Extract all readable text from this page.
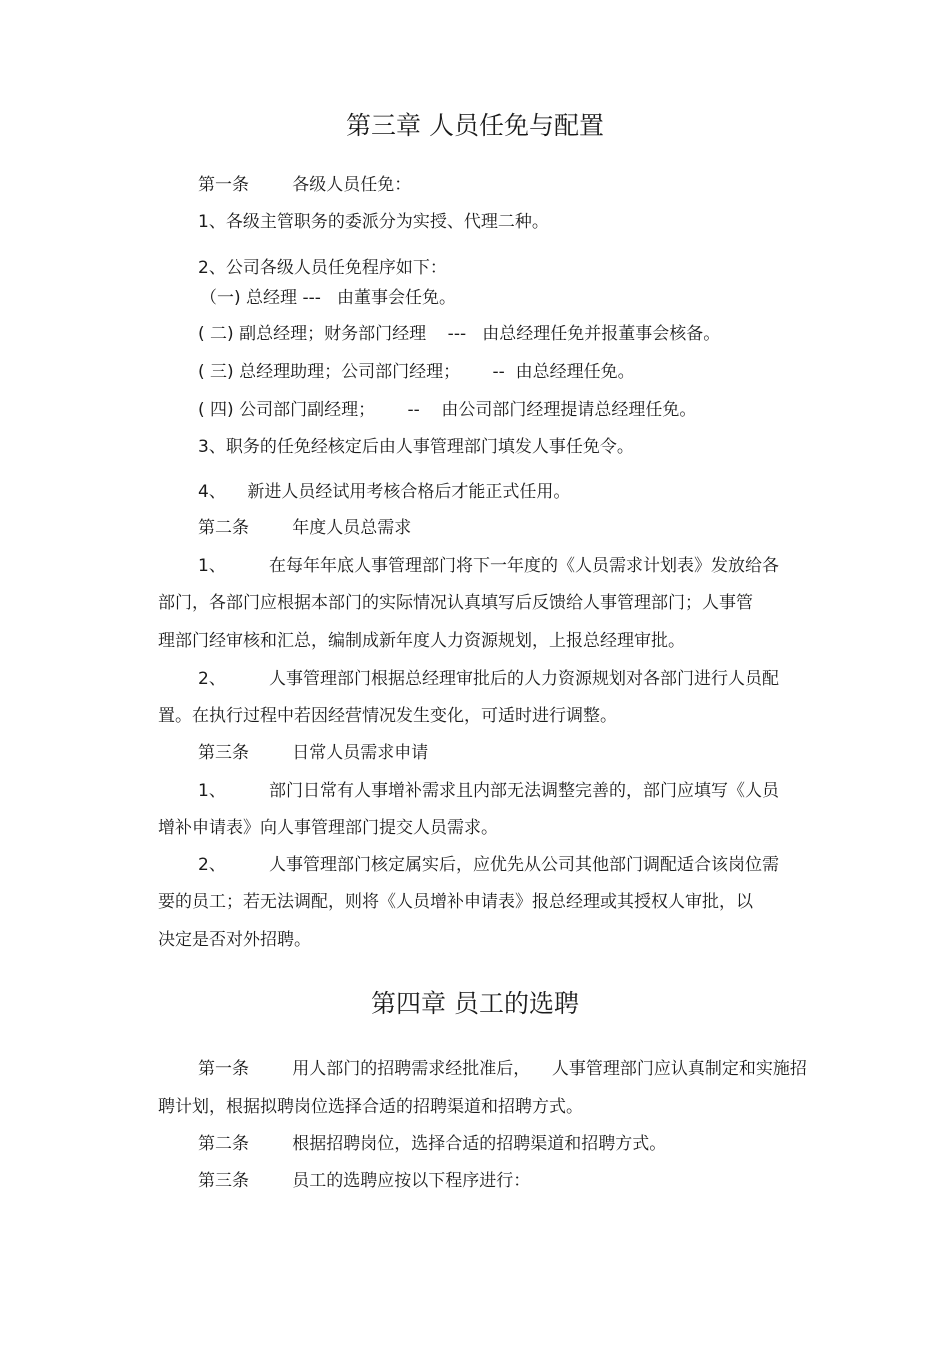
第三章 人员任免与配置

第一条        各级人员任免：

1、各级主管职务的委派分为实授、代理二种。

2、公司各级人员任免程序如下：

（一) 总经理 ---   由董事会任免。

( 二) 副总经理；财务部门经理    ---   由总经理任免并报董事会核备。

( 三) 总经理助理；公司部门经理；      --  由总经理任免。

( 四) 公司部门副经理；      --    由公司部门经理提请总经理任免。

3、职务的任免经核定后由人事管理部门填发人事任免令。

4、    新进人员经试用考核合格后才能正式任用。

第二条        年度人员总需求

1、        在每年年底人事管理部门将下一年度的《人员需求计划表》发放给各

部门，各部门应根据本部门的实际情况认真填写后反馈给人事管理部门；人事管

理部门经审核和汇总，编制成新年度人力资源规划，上报总经理审批。

2、        人事管理部门根据总经理审批后的人力资源规划对各部门进行人员配

置。在执行过程中若因经营情况发生变化，可适时进行调整。

第三条        日常人员需求申请

1、        部门日常有人事增补需求且内部无法调整完善的，部门应填写《人员

增补申请表》向人事管理部门提交人员需求。

2、        人事管理部门核定属实后，应优先从公司其他部门调配适合该岗位需

要的员工；若无法调配，则将《人员增补申请表》报总经理或其授权人审批，以

决定是否对外招聘。

第四章 员工的选聘

第一条        用人部门的招聘需求经批准后，    人事管理部门应认真制定和实施招

聘计划，根据拟聘岗位选择合适的招聘渠道和招聘方式。

第二条        根据招聘岗位，选择合适的招聘渠道和招聘方式。

第三条        员工的选聘应按以下程序进行：
